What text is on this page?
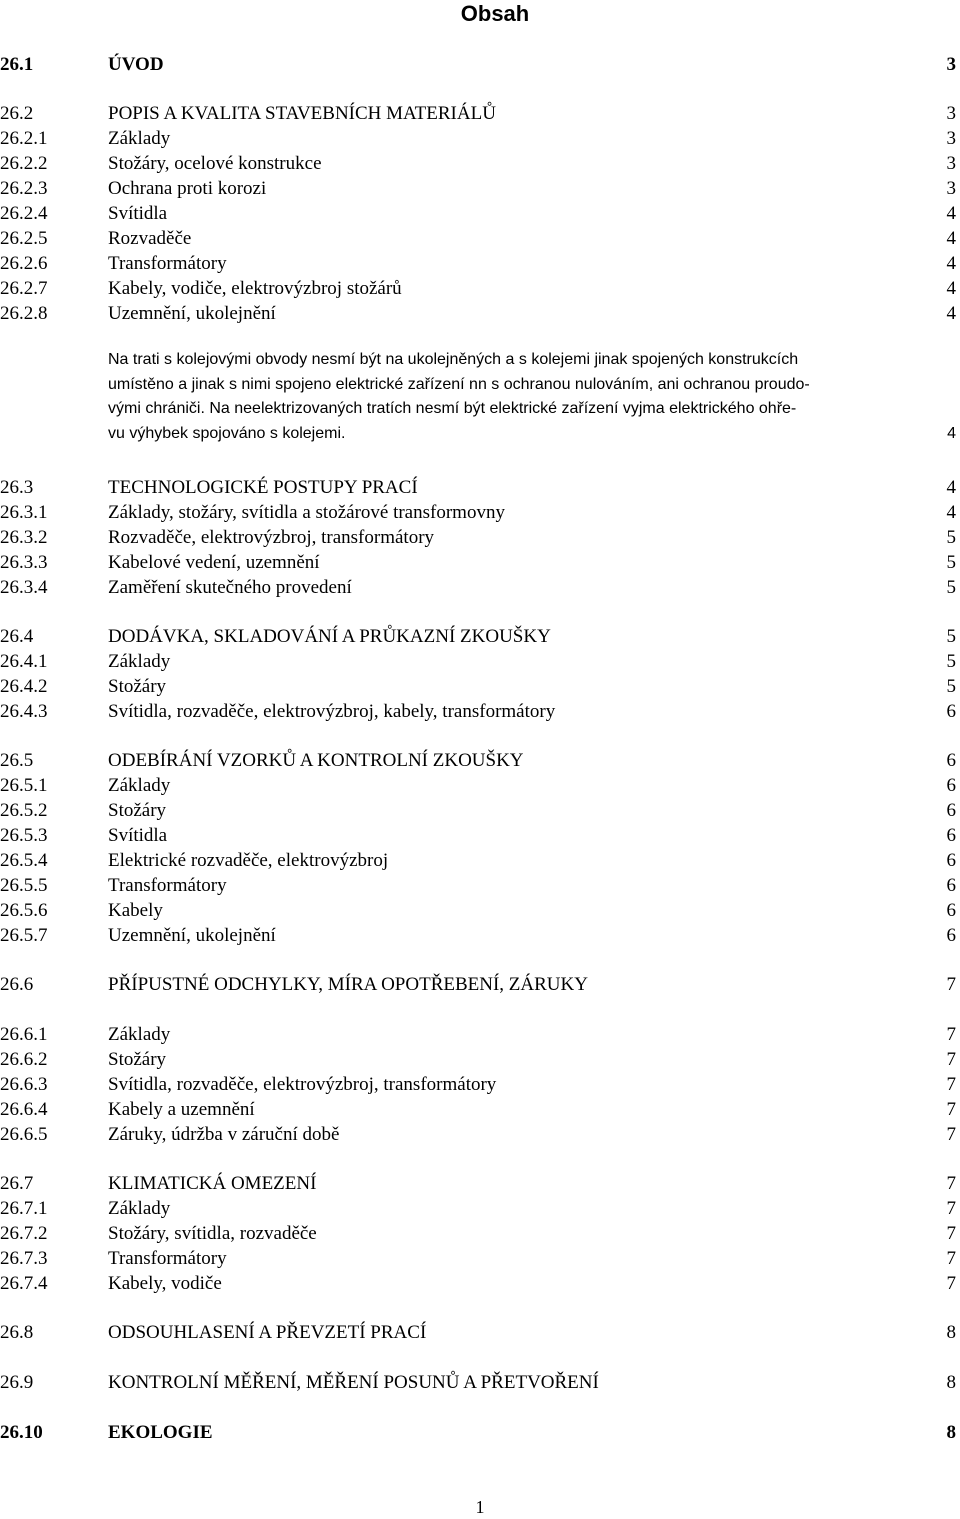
Obsah
26.1	ÚVOD	3
26.2	POPIS A KVALITA STAVEBNÍCH MATERIÁLŮ	3
26.2.1	Základy	3
26.2.2	Stožáry, ocelové konstrukce	3
26.2.3	Ochrana proti korozi	3
26.2.4	Svítidla	4
26.2.5	Rozvaděče	4
26.2.6	Transformátory	4
26.2.7	Kabely, vodiče, elektrovýzbroj stožárů	4
26.2.8	Uzemnění, ukolejnění	4
26.3	TECHNOLOGICKÉ POSTUPY PRACÍ	4
26.3.1	Základy, stožáry, svítidla a stožárové transformovny	4
26.3.2	Rozvaděče, elektrovýzbroj, transformátory	5
26.3.3	Kabelové vedení, uzemnění	5
26.3.4	Zaměření skutečného provedení	5
26.4	DODÁVKA, SKLADOVÁNÍ A PRŮKAZNÍ ZKOUŠKY	5
26.4.1	Základy	5
26.4.2	Stožáry	5
26.4.3	Svítidla, rozvaděče, elektrovýzbroj, kabely, transformátory	6
26.5	ODEBÍRÁNÍ VZORKŮ A KONTROLNÍ ZKOUŠKY	6
26.5.1	Základy	6
26.5.2	Stožáry	6
26.5.3	Svítidla	6
26.5.4	Elektrické rozvaděče, elektrovýzbroj	6
26.5.5	Transformátory	6
26.5.6	Kabely	6
26.5.7	Uzemnění, ukolejnění	6
26.6	PŘÍPUSTNÉ ODCHYLKY, MÍRA OPOTŘEBENÍ, ZÁRUKY	7
26.6.1	Základy	7
26.6.2	Stožáry	7
26.6.3	Svítidla, rozvaděče, elektrovýzbroj, transformátory	7
26.6.4	Kabely a uzemnění	7
26.6.5	Záruky, údržba v záruční době	7
26.7	KLIMATICKÁ OMEZENÍ	7
26.7.1	Základy	7
26.7.2	Stožáry, svítidla, rozvaděče	7
26.7.3	Transformátory	7
26.7.4	Kabely, vodiče	7
26.8	ODSOUHLASENÍ A PŘEVZETÍ PRACÍ	8
26.9	KONTROLNÍ MĚŘENÍ, MĚŘENÍ POSUNŮ A PŘETVOŘENÍ	8
26.10	EKOLOGIE	8
Na trati s kolejovými obvody nesmí být na ukolejněných a s kolejemi jinak spojených konstrukcích
umístěno a jinak s nimi spojeno elektrické zařízení nn s ochranou nulováním, ani ochranou proudo-
vými chrániči. Na neelektrizovaných tratích nesmí být elektrické zařízení vyjma elektrického ohře-
vu výhybek spojováno s kolejemi.	4
1
